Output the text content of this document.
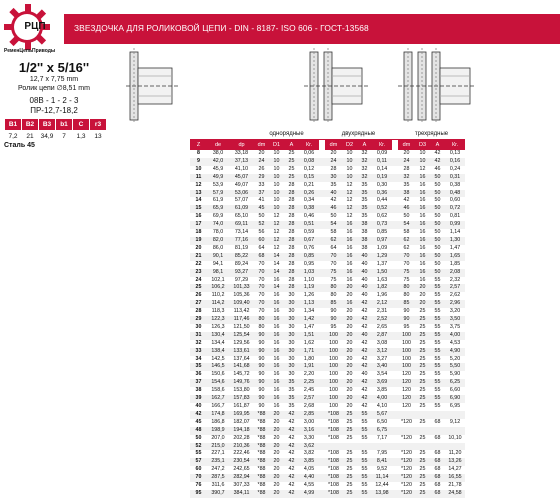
РЦП
РеменЦепьПриводы
ЗВЕЗДОЧКА ДЛЯ РОЛИКОВОЙ ЦЕПИ - DIN - 8187- ISO 606 - ГОСТ-13568
1/2'' x 5/16''
12,7 x 7,75 mm
Ролик цепи ∅8,51 mm
08B - 1 - 2 - 3
ПР-12,7-18,2
B1	B2	B3	b1	C	r3
7,2	21	34,9	7	1,3	13
Сталь 45
			однорядные					двухрядные					трехрядные			
Z	de	dp	dm	D1	A	Кг.		dm	D2	A	Кг.		dm	D3	A	Кг.
8	38,0	33,18	20	10	25	0,06		20	10	32	0,09		20	10	42	0,13
9	42,0	37,13	24	10	25	0,08		24	10	32	0,11		24	10	42	0,16
10	45,9	41,10	26	10	25	0,12		28	10	32	0,14		28	12	46	0,24
11	49,9	45,07	29	10	25	0,15		30	10	32	0,19		32	16	50	0,31
12	53,9	49,07	33	10	28	0,21		35	12	35	0,30		35	16	50	0,38
13	57,9	53,06	37	10	28	0,26		40	12	35	0,36		38	16	50	0,48
14	61,9	57,07	41	10	28	0,34		42	12	35	0,44		42	16	50	0,60
15	65,9	61,09	45	10	28	0,38		46	12	35	0,52		46	16	50	0,72
16	69,9	65,10	50	12	28	0,46		50	12	35	0,62		50	16	50	0,81
17	74,0	69,11	52	12	28	0,51		54	16	38	0,73		54	16	50	0,99
18	78,0	73,14	56	12	28	0,59		58	16	38	0,85		58	16	50	1,14
19	82,0	77,16	60	12	28	0,67		62	16	38	0,97		62	16	50	1,30
20	86,0	81,19	64	12	28	0,76		64	16	38	1,09		62	16	50	1,47
21	90,1	85,22	68	14	28	0,85		70	16	40	1,29		70	16	50	1,65
22	94,1	89,24	70	14	28	0,95		70	16	40	1,37		70	16	50	1,85
23	98,1	93,27	70	14	28	1,03		75	16	40	1,50		75	16	50	2,08
24	102,1	97,29	70	16	28	1,10		75	16	40	1,63		75	16	55	2,32
25	106,2	101,33	70	14	28	1,19		80	20	40	1,82		80	20	55	2,57
26	110,2	105,36	70	16	30	1,26		80	20	40	1,96		80	20	55	2,62
27	114,2	109,40	70	16	30	1,13		85	16	42	2,12		85	20	55	2,96
28	118,3	113,42	70	16	30	1,34		90	20	42	2,31		90	25	55	3,20
29	122,3	117,46	80	16	30	1,42		90	20	42	2,52		90	25	55	3,50
30	126,3	121,50	80	16	30	1,47		95	20	42	2,65		95	25	55	3,75
31	130,4	125,54	90	16	30	1,51		100	20	40	2,87		100	25	55	4,00
32	134,4	129,56	90	16	30	1,62		100	20	42	3,08		100	25	55	4,53
33	138,4	133,61	90	16	30	1,71		100	20	42	3,12		100	25	55	4,90
34	142,5	137,64	90	16	30	1,80		100	20	42	3,27		100	25	55	5,20
35	146,5	141,68	90	16	30	1,91		100	20	42	3,40		100	25	55	5,50
36	150,6	145,72	90	16	30	2,20		100	20	40	3,54		120	25	55	5,90
37	154,6	149,76	90	16	35	2,25		100	20	42	3,69		120	25	55	6,25
38	158,6	153,80	90	16	35	2,45		100	20	42	3,85		120	25	55	6,60
39	162,7	157,83	90	16	35	2,57		100	20	42	4,00		120	25	55	6,90
40	166,7	161,87	90	16	35	2,68		100	20	42	4,10		120	25	55	6,95
42	174,8	169,95	*88	20	42	2,85		*108	25	55	5,67					
45	186,8	182,07	*88	20	42	3,00		*108	25	55	6,50		*120	25	68	9,12
48	198,9	194,18	*88	20	42	3,16		*108	25	55	6,75					
50	207,0	202,28	*88	20	42	3,30		*108	25	55	7,17		*120	25	68	10,10
52	215,0	210,36	*88	20	42	3,62										
55	227,1	222,46	*88	20	42	3,82		*108	25	55	7,95		*120	25	68	11,20
57	235,1	230,54	*88	20	42	3,85		*108	25	55	8,41		*120	25	68	13,26
60	247,2	242,65	*88	20	42	4,05		*108	25	55	9,52		*120	25	68	14,27
70	287,5	282,94	*88	20	42	4,40		*108	25	55	11,14		*120	25	68	16,55
76	311,6	307,33	*88	20	42	4,55		*108	25	55	12,44		*120	25	68	21,78
95	390,7	384,11	*88	20	42	4,99		*108	25	55	13,98		*120	25	68	24,58
